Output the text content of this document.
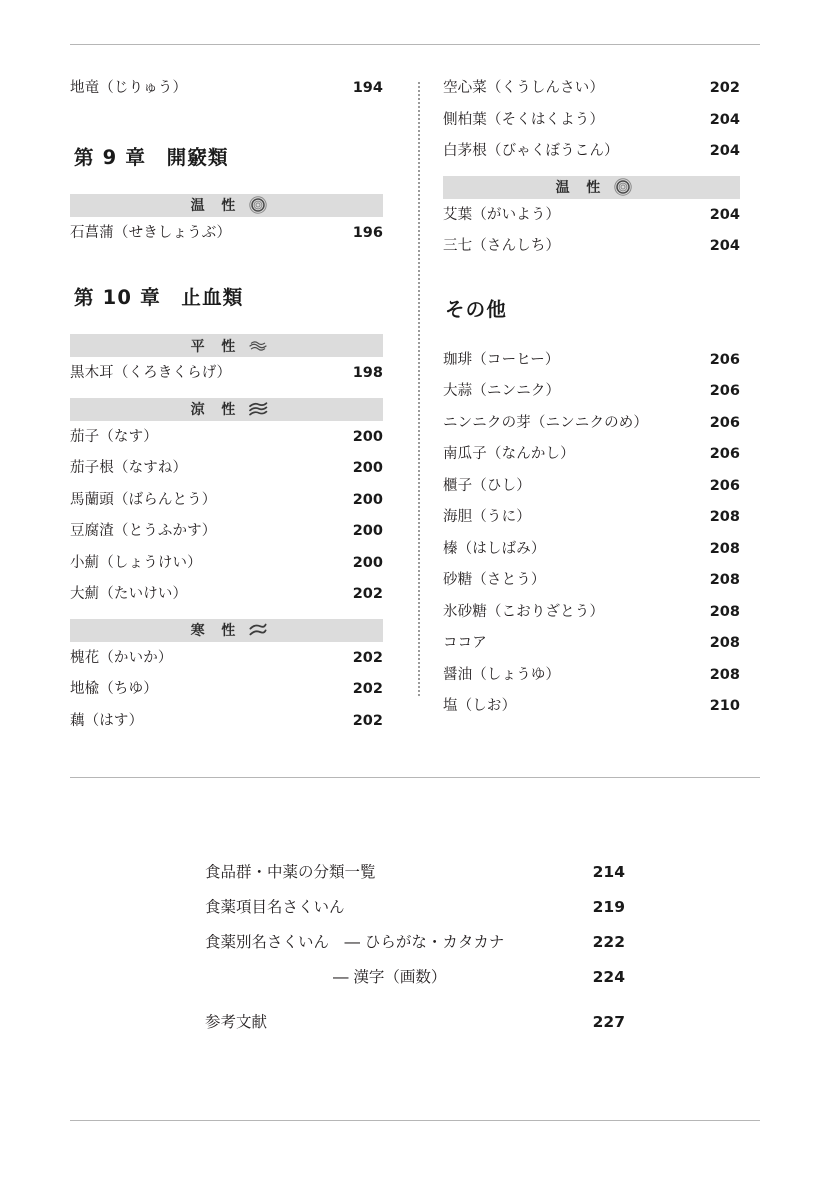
地竜（じりゅう）	194
第 9 章　開竅類
温 性
石菖蒲（せきしょうぶ）	196
第 10 章　止血類
平 性
黒木耳（くろきくらげ）	198
涼 性
茄子（なす）	200
茄子根（なすね）	200
馬蘭頭（ばらんとう）	200
豆腐渣（とうふかす）	200
小薊（しょうけい）	200
大薊（たいけい）	202
寒 性
槐花（かいか）	202
地楡（ちゆ）	202
藕（はす）	202
空心菜（くうしんさい）	202
側柏葉（そくはくよう）	204
白茅根（びゃくぼうこん）	204
温 性
艾葉（がいよう）	204
三七（さんしち）	204
その他
珈琲（コーヒー）	206
大蒜（ニンニク）	206
ニンニクの芽（ニンニクのめ）	206
南瓜子（なんかし）	206
櫃子（ひし）	206
海胆（うに）	208
榛（はしばみ）	208
砂糖（さとう）	208
氷砂糖（こおりざとう）	208
ココア	208
醤油（しょうゆ）	208
塩（しお）	210
食品群・中薬の分類一覧	214
食薬項目名さくいん	219
食薬別名さくいん　― ひらがな・カタカナ	222
― 漢字（画数）	224
参考文献	227
